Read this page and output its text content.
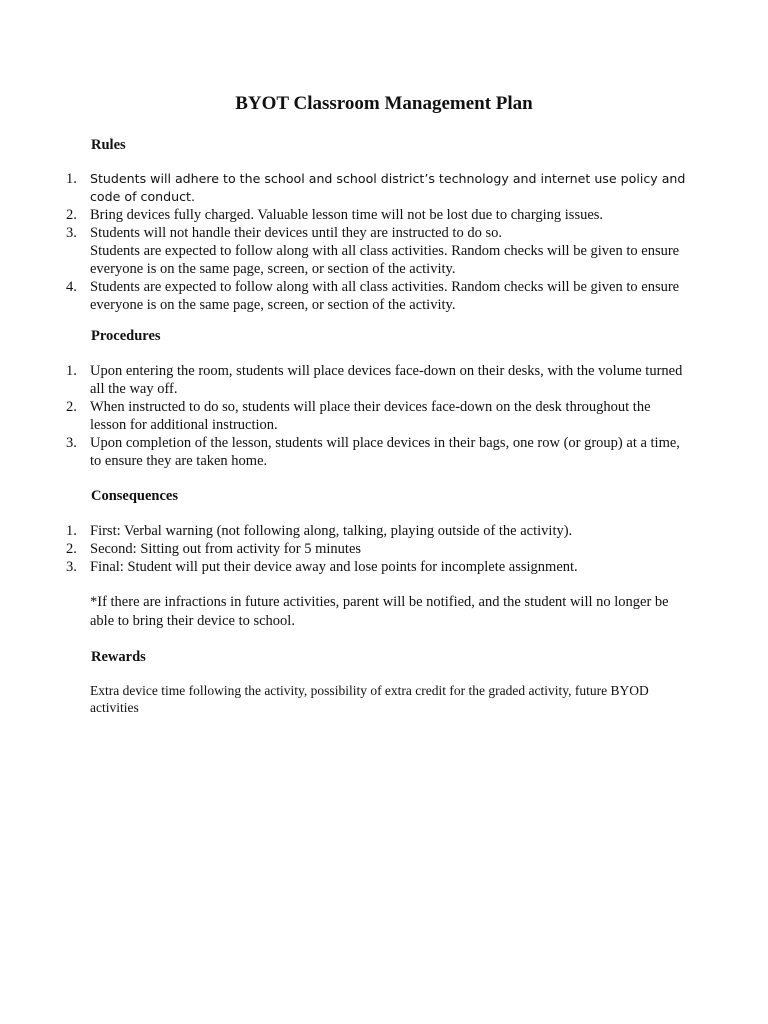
BYOT Classroom Management Plan
Rules
1. Students will adhere to the school and school district’s technology and internet use policy and code of conduct.
2. Bring devices fully charged. Valuable lesson time will not be lost due to charging issues.
3. Students will not handle their devices until they are instructed to do so.
Students are expected to follow along with all class activities. Random checks will be given to ensure everyone is on the same page, screen, or section of the activity.
4. Students are expected to follow along with all class activities. Random checks will be given to ensure everyone is on the same page, screen, or section of the activity.
Procedures
1. Upon entering the room, students will place devices face-down on their desks, with the volume turned all the way off.
2. When instructed to do so, students will place their devices face-down on the desk throughout the lesson for additional instruction.
3. Upon completion of the lesson, students will place devices in their bags, one row (or group) at a time, to ensure they are taken home.
Consequences
1. First: Verbal warning (not following along, talking, playing outside of the activity).
2. Second: Sitting out from activity for 5 minutes
3. Final: Student will put their device away and lose points for incomplete assignment.

*If there are infractions in future activities, parent will be notified, and the student will no longer be able to bring their device to school.

Rewards

Extra device time following the activity, possibility of extra credit for the graded activity, future BYOD activities
